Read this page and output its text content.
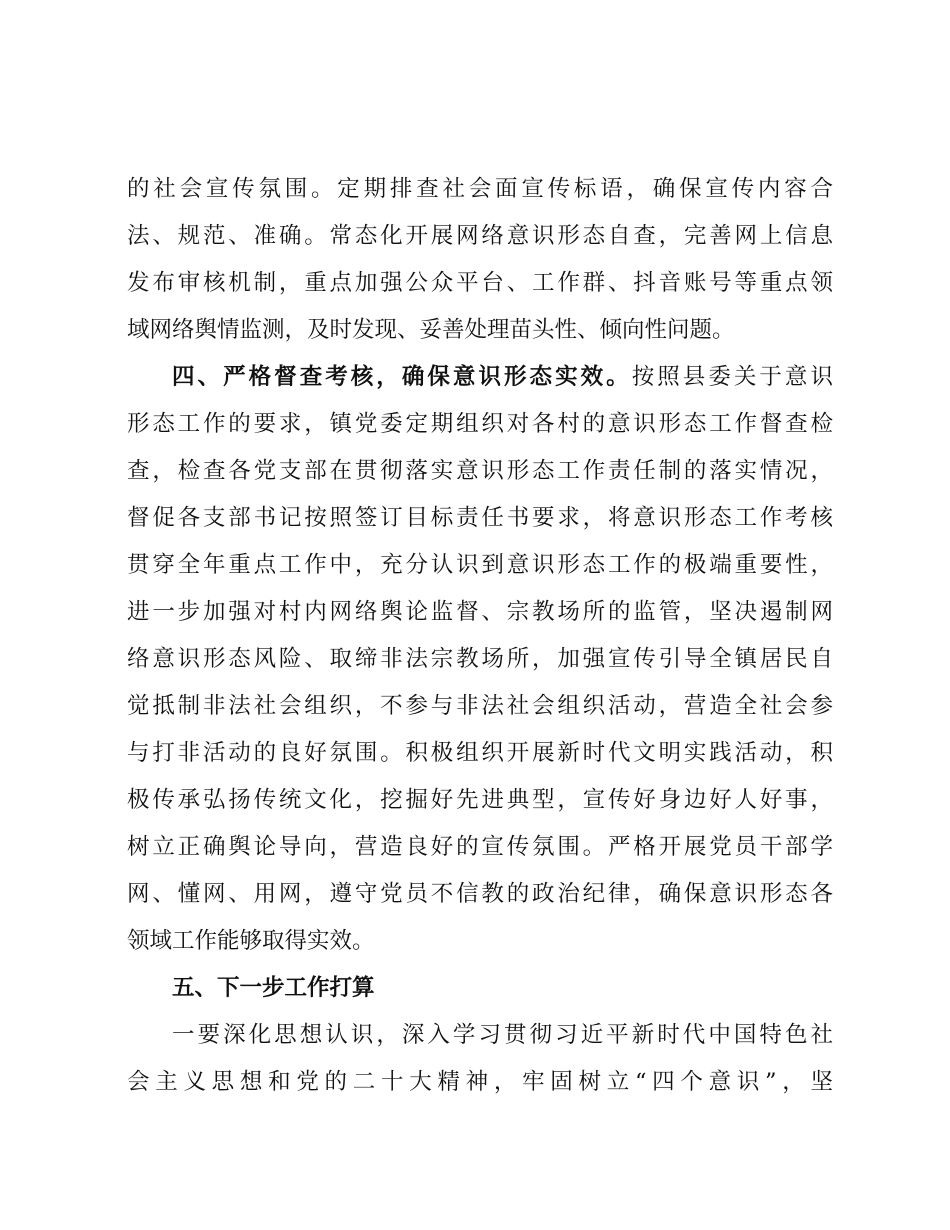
的社会宣传氛围。定期排查社会面宣传标语，确保宣传内容合
法、规范、准确。常态化开展网络意识形态自查，完善网上信息
发布审核机制，重点加强公众平台、工作群、抖音账号等重点领
域网络舆情监测，及时发现、妥善处理苗头性、倾向性问题。
四、严格督查考核，确保意识形态实效。按照县委关于意识
形态工作的要求，镇党委定期组织对各村的意识形态工作督查检
查，检查各党支部在贯彻落实意识形态工作责任制的落实情况，
督促各支部书记按照签订目标责任书要求，将意识形态工作考核
贯穿全年重点工作中，充分认识到意识形态工作的极端重要性，
进一步加强对村内网络舆论监督、宗教场所的监管，坚决遏制网
络意识形态风险、取缔非法宗教场所，加强宣传引导全镇居民自
觉抵制非法社会组织，不参与非法社会组织活动，营造全社会参
与打非活动的良好氛围。积极组织开展新时代文明实践活动，积
极传承弘扬传统文化，挖掘好先进典型，宣传好身边好人好事，
树立正确舆论导向，营造良好的宣传氛围。严格开展党员干部学
网、懂网、用网，遵守党员不信教的政治纪律，确保意识形态各
领域工作能够取得实效。
五、下一步工作打算
一要深化思想认识，深入学习贯彻习近平新时代中国特色社
会主义思想和党的二十大精神，牢固树立“四个意识”，坚
